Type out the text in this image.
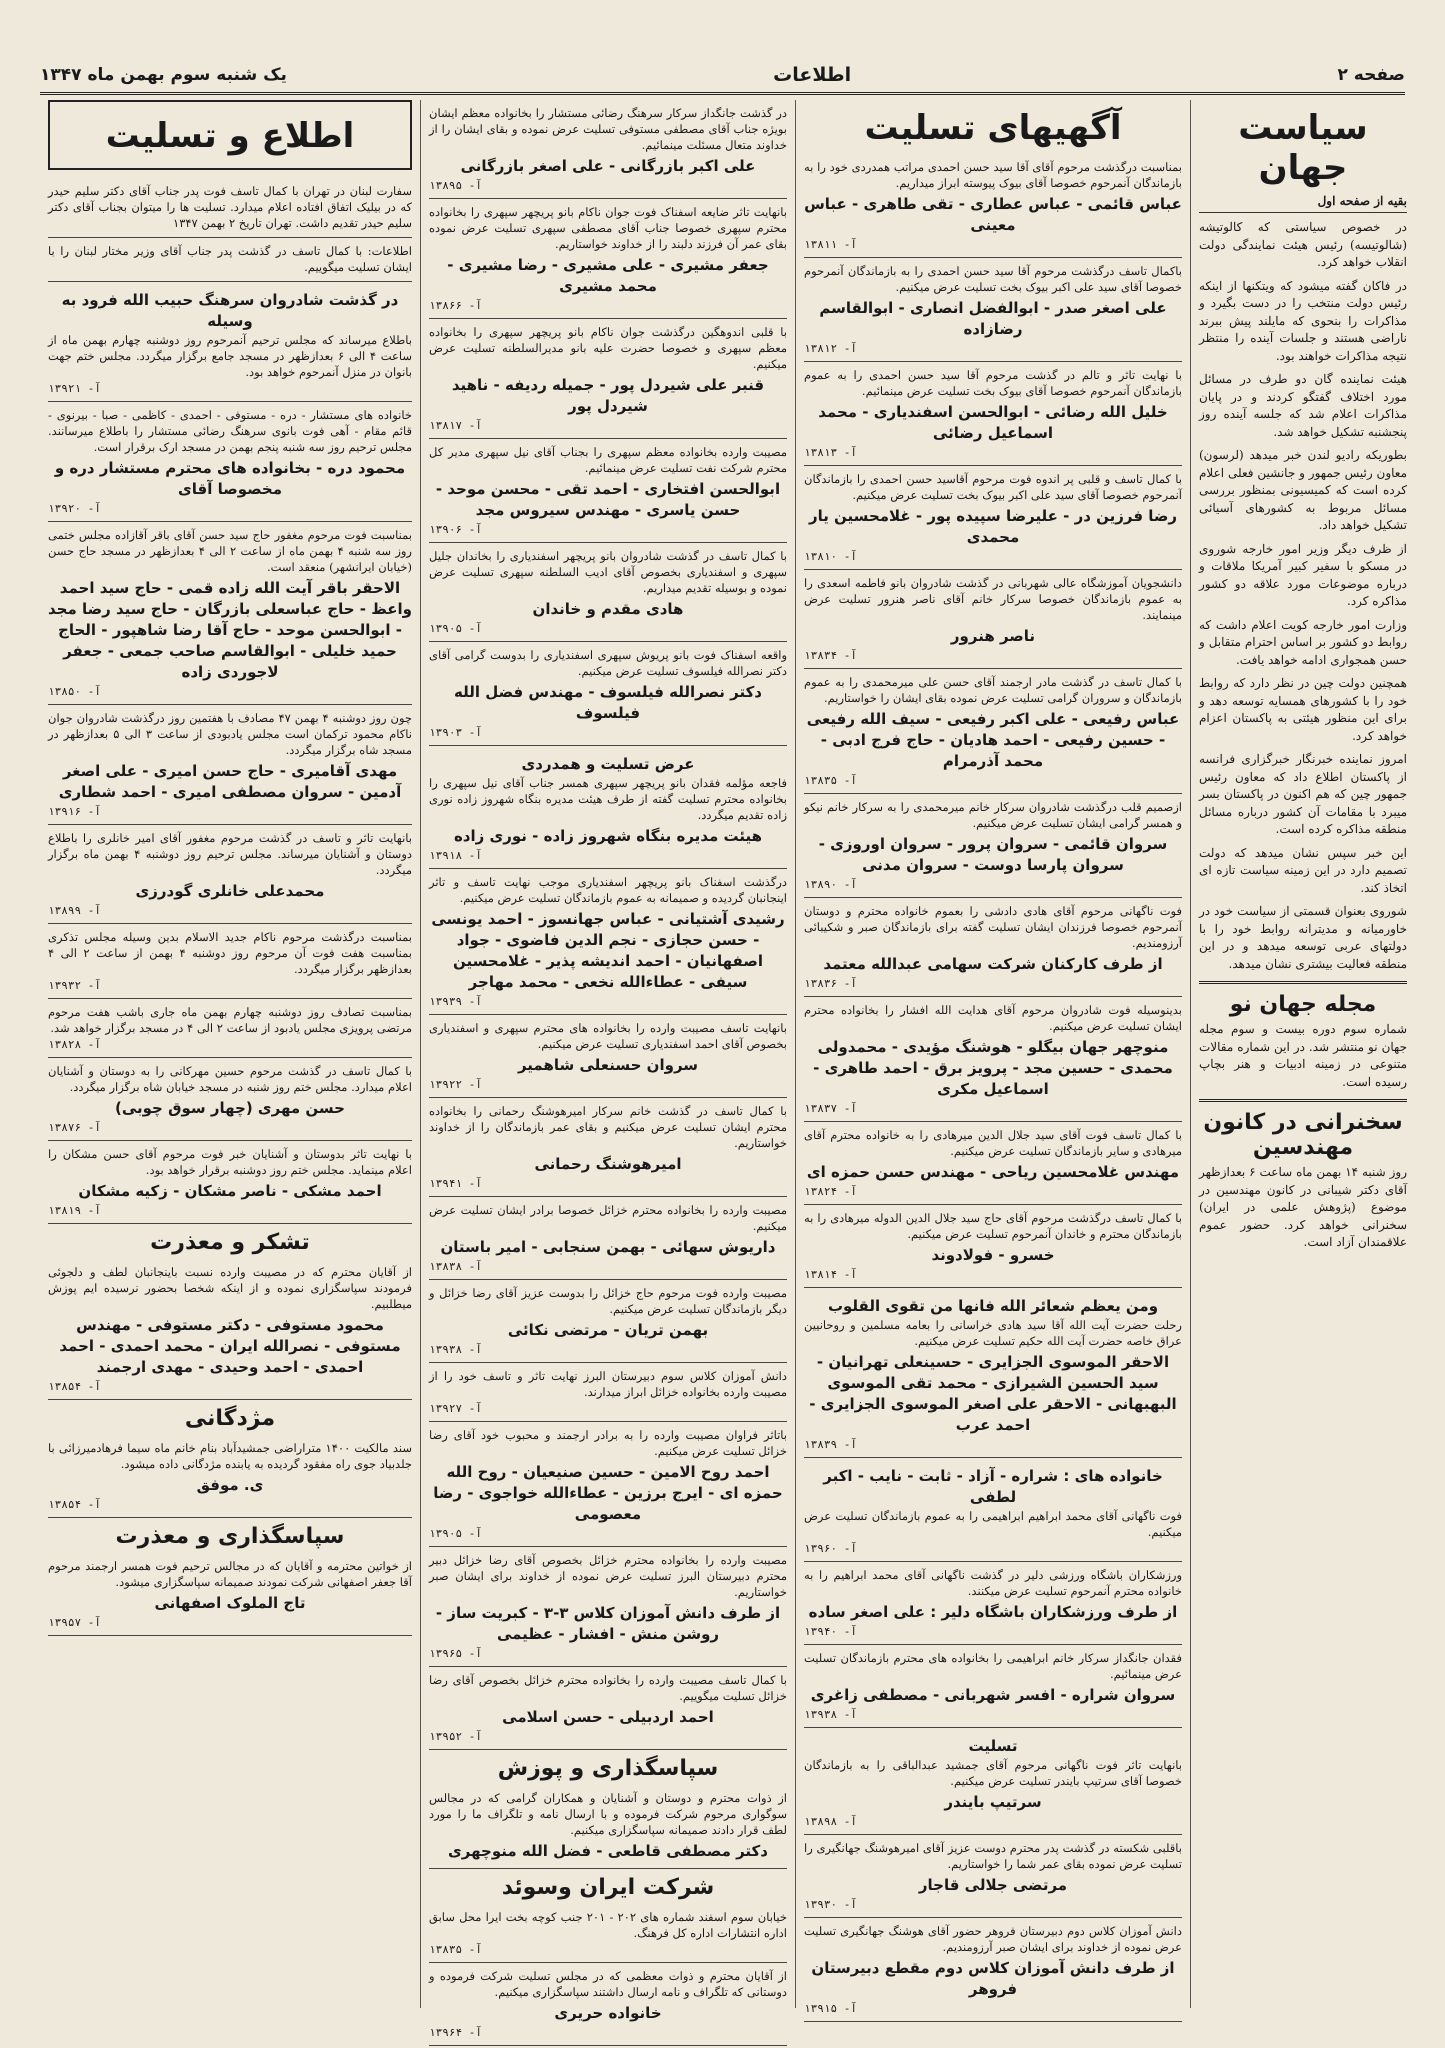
صفحه ۲
اطلاعات
یک شنبه سوم بهمن ماه ۱۳۴۷
سیاست جهان
بقیه از صفحه اول

در خصوص سیاستی که کالوتیشه (شالوتیسه) رئیس هیئت نمایندگی دولت انقلاب خواهد کرد.

در فاکان گفته میشود که ویتکنها از اینکه رئیس دولت منتخب را در دست بگیرد و مذاکرات را بنحوی که مایلند پیش ببرند ناراضی هستند و جلسات آینده را منتظر نتیجه مذاکرات خواهند بود.

هیئت نماینده گان دو طرف در مسائل مورد اختلاف گفتگو کردند و در پایان مذاکرات اعلام شد که جلسه آینده روز پنجشنبه تشکیل خواهد شد.

بطوریکه رادیو لندن خبر میدهد (لرسون) معاون رئیس جمهور و جانشین فعلی اعلام کرده است که کمیسیونی بمنظور بررسی مسائل مربوط به کشورهای آسیائی تشکیل خواهد داد.

از ظرف دیگر وزیر امور خارجه شوروی در مسکو با سفیر کبیر آمریکا ملاقات و درباره موضوعات مورد علاقه دو کشور مذاکره کرد.

وزارت امور خارجه کویت اعلام داشت که روابط دو کشور بر اساس احترام متقابل و حسن همجواری ادامه خواهد یافت.

همچنین دولت چین در نظر دارد که روابط خود را با کشورهای همسایه توسعه دهد و برای این منظور هیئتی به پاکستان اعزام خواهد کرد.

امروز نماینده خبرنگار خبرگزاری فرانسه از پاکستان اطلاع داد که معاون رئیس جمهور چین که هم اکنون در پاکستان بسر میبرد با مقامات آن کشور درباره مسائل منطقه مذاکره کرده است.

این خبر سپس نشان میدهد که دولت تصمیم دارد در این زمینه سیاست تازه ای اتخاذ کند.

شوروی بعنوان قسمتی از سیاست خود در خاورمیانه و مدیترانه روابط خود را با دولتهای عربی توسعه میدهد و در این منطقه فعالیت بیشتری نشان میدهد.

مجله جهان نو
شماره سوم دوره بیست و سوم مجله جهان نو منتشر شد. در این شماره مقالات متنوعی در زمینه ادبیات و هنر بچاپ رسیده است.
سخنرانی در کانون مهندسین
روز شنبه ۱۴ بهمن ماه ساعت ۶ بعدازظهر آقای دکتر شیبانی در کانون مهندسین در موضوع (پژوهش علمی در ایران) سخنرانی خواهد کرد. حضور عموم علاقمندان آزاد است.
آگهیهای تسلیت
بمناسبت درگذشت مرحوم آقای آقا سید حسن احمدی مراتب همدردی خود را به بازماندگان آنمرحوم خصوصا آقای بیوک پیوسته ابراز میداریم.
عباس قائمی - عباس عطاری - تقی طاهری - عباس معینی
۱۳۸۱۱ -آ
باکمال تاسف درگذشت مرحوم آقا سید حسن احمدی را به بازماندگان آنمرحوم خصوصا آقای سید علی اکبر بیوک بخت تسلیت عرض میکنیم.
علی اصغر صدر - ابوالفضل انصاری - ابوالقاسم رضازاده
۱۳۸۱۲ -آ
با نهایت تاثر و تالم در گذشت مرحوم آقا سید حسن احمدی را به عموم بازماندگان آنمرحوم خصوصا آقای بیوک بخت تسلیت عرض مینمائیم.
خلیل الله رضائی - ابوالحسن اسفندیاری - محمد اسماعیل رضائی
۱۳۸۱۳ -آ
با کمال تاسف و قلبی پر اندوه فوت مرحوم آقاسید حسن احمدی را بازماندگان آنمرحوم خصوصا آقای سید علی اکبر بیوک بخت تسلیت عرض میکنیم.
رضا فرزین در - علیرضا سپیده پور - غلامحسین یار محمدی
۱۳۸۱۰ -آ
دانشجویان آموزشگاه عالی شهربانی در گذشت شادروان بانو فاطمه اسعدی را به عموم بازماندگان خصوصا سرکار خانم آقای ناصر هنرور تسلیت عرض مینمایند.
ناصر هنرور
۱۳۸۳۴ -آ
با کمال تاسف در گذشت مادر ارجمند آقای حسن علی میرمحمدی را به عموم بازماندگان و سروران گرامی تسلیت عرض نموده بقای ایشان را خواستاریم.
عباس رفیعی - علی اکبر رفیعی - سیف الله رفیعی - حسین رفیعی - احمد هادیان - حاج فرج ادبی - محمد آذرمرام
۱۳۸۳۵ -آ
ازصمیم قلب درگذشت شادروان سرکار خانم میرمحمدی را به سرکار خانم نیکو و همسر گرامی ایشان تسلیت عرض میکنیم.
سروان قائمی - سروان پرور - سروان اوروزی - سروان پارسا دوست - سروان مدنی
۱۳۸۹۰ -آ
فوت ناگهانی مرحوم آقای هادی دادشی را بعموم خانواده محترم و دوستان آنمرحوم خصوصا فرزندان ایشان تسلیت گفته برای بازماندگان صبر و شکیبائی آرزومندیم.
از طرف کارکنان شرکت سهامی عبدالله معتمد
۱۳۸۳۶ -آ
بدینوسیله فوت شادروان مرحوم آقای هدایت الله افشار را بخانواده محترم ایشان تسلیت عرض میکنیم.
منوچهر جهان بیگلو - هوشنگ مؤیدی - محمدولی محمدی - حسین مجد - پرویز برق - احمد طاهری - اسماعیل مکری
۱۳۸۳۷ -آ
با کمال تاسف فوت آقای سید جلال الدین میرهادی را به خانواده محترم آقای میرهادی و سایر بازماندگان تسلیت عرض میکنیم.
مهندس غلامحسین ریاحی - مهندس حسن حمزه ای
۱۳۸۲۴ -آ
با کمال تاسف درگذشت مرحوم آقای حاج سید جلال الدین الدوله میرهادی را به بازماندگان محترم و خاندان آنمرحوم تسلیت عرض میکنیم.
خسرو - فولادوند
۱۳۸۱۴ -آ
ومن یعظم شعائر الله فانها من تقوی القلوب
رحلت حضرت آیت الله آقا سید هادی خراسانی را بعامه مسلمین و روحانیین عراق خاصه حضرت آیت الله حکیم تسلیت عرض میکنیم.
الاحقر الموسوی الجزایری - حسینعلی تهرانیان - سید الحسین الشیرازی - محمد تقی الموسوی البهبهانی - الاحقر علی اصغر الموسوی الجزایری - احمد عرب
۱۳۸۳۹ -آ
خانواده های : شراره - آزاد - ثابت - نایب - اکبر لطفی
فوت ناگهانی آقای محمد ابراهیم ابراهیمی را به عموم بازماندگان تسلیت عرض میکنیم.
۱۳۹۶۰ -آ
ورزشکاران باشگاه ورزشی دلیر در گذشت ناگهانی آقای محمد ابراهیم را به خانواده محترم آنمرحوم تسلیت عرض میکنند.
از طرف ورزشکاران باشگاه دلیر : علی اصغر ساده
۱۳۹۴۰ -آ
فقدان جانگداز سرکار خانم ابراهیمی را بخانواده های محترم بازماندگان تسلیت عرض مینمائیم.
سروان شراره - افسر شهربانی - مصطفی زاغری
۱۳۹۳۸ -آ
تسلیت
بانهایت تاثر فوت ناگهانی مرحوم آقای جمشید عبدالباقی را به بازماندگان خصوصا آقای سرتیپ بایندر تسلیت عرض میکنیم.
سرتیپ بایندر
۱۳۸۹۸ -آ
باقلبی شکسته در گذشت پدر محترم دوست عزیز آقای امیرهوشنگ جهانگیری را تسلیت عرض نموده بقای عمر شما را خواستاریم.
مرتضی جلالی قاجار
۱۳۹۳۰ -آ
دانش آموزان کلاس دوم دبیرستان فروهر حضور آقای هوشنگ جهانگیری تسلیت عرض نموده از خداوند برای ایشان صبر آرزومندیم.
از طرف دانش آموزان کلاس دوم مقطع دبیرستان فروهر
۱۳۹۱۵ -آ
در گذشت جانگداز سرکار سرهنگ رضائی مستشار را بخانواده معظم ایشان بویژه جناب آقای مصطفی مستوفی تسلیت عرض نموده و بقای ایشان را از خداوند متعال مسئلت مینمائیم.
علی اکبر بازرگانی - علی اصغر بازرگانی
۱۳۸۹۵ -آ
بانهایت تاثر ضایعه اسفناک فوت جوان ناکام بانو پریچهر سپهری را بخانواده محترم سپهری خصوصا جناب آقای مصطفی سپهری تسلیت عرض نموده بقای عمر آن فرزند دلبند را از خداوند خواستاریم.
جعفر مشیری - علی مشیری - رضا مشیری - محمد مشیری
۱۳۸۶۶ -آ
با قلبی اندوهگین درگذشت جوان ناکام بانو پریچهر سپهری را بخانواده معظم سپهری و خصوصا حضرت علیه بانو مدیرالسلطنه تسلیت عرض میکنیم.
قنبر علی شیردل پور - جمیله ردیفه - ناهید شیردل پور
۱۳۸۱۷ -آ
مصیبت وارده بخانواده معظم سپهری را بجناب آقای نیل سپهری مدیر کل محترم شرکت نفت تسلیت عرض مینمائیم.
ابوالحسن افتخاری - احمد تقی - محسن موحد - حسن یاسری - مهندس سیروس مجد
۱۳۹۰۶ -آ
با کمال تاسف در گذشت شادروان بانو پریچهر اسفندیاری را بخاندان جلیل سپهری و اسفندیاری بخصوص آقای ادیب السلطنه سپهری تسلیت عرض نموده و بوسیله تقدیم میداریم.
هادی مقدم و خاندان
۱۳۹۰۵ -آ
واقعه اسفناک فوت بانو پریوش سپهری اسفندیاری را بدوست گرامی آقای دکتر نصرالله فیلسوف تسلیت عرض میکنیم.
دکتر نصرالله فیلسوف - مهندس فضل الله فیلسوف
۱۳۹۰۳ -آ
عرض تسلیت و همدردی
فاجعه مؤلمه فقدان بانو پریچهر سپهری همسر جناب آقای نیل سپهری را بخانواده محترم تسلیت گفته از طرف هیئت مدیره بنگاه شهروز زاده نوری زاده تقدیم میگردد.
هیئت مدیره بنگاه شهروز زاده - نوری زاده
۱۳۹۱۸ -آ
درگذشت اسفناک بانو پریچهر اسفندیاری موجب نهایت تاسف و تاثر اینجانبان گردیده و صمیمانه به عموم بازماندگان تسلیت عرض میکنیم.
رشیدی آشتیانی - عباس جهانسوز - احمد یونسی - حسن حجازی - نجم الدین فاضوی - جواد اصفهانیان - احمد اندیشه پذیر - غلامحسین سیفی - عطاءالله نخعی - محمد مهاجر
۱۳۹۳۹ -آ
بانهایت تاسف مصیبت وارده را بخانواده های محترم سپهری و اسفندیاری بخصوص آقای احمد اسفندیاری تسلیت عرض میکنیم.
سروان حسنعلی شاهمیر
۱۳۹۲۲ -آ
با کمال تاسف در گذشت خانم سرکار امیرهوشنگ رحمانی را بخانواده محترم ایشان تسلیت عرض میکنیم و بقای عمر بازماندگان را از خداوند خواستاریم.
امیرهوشنگ رحمانی
۱۳۹۴۱ -آ
مصیبت وارده را بخانواده محترم خزائل خصوصا برادر ایشان تسلیت عرض میکنیم.
داریوش سهائی - بهمن سنجابی - امیر باستان
۱۳۸۳۸ -آ
مصیبت وارده فوت مرحوم حاج خزائل را بدوست عزیز آقای رضا خزائل و دیگر بازماندگان تسلیت عرض میکنیم.
بهمن تریان - مرتضی نکائی
۱۳۹۳۸ -آ
دانش آموزان کلاس سوم دبیرستان البرز نهایت تاثر و تاسف خود را از مصیبت وارده بخانواده خزائل ابراز میدارند.
۱۳۹۲۷ -آ
باتاثر فراوان مصیبت وارده را به برادر ارجمند و محبوب خود آقای رضا خزائل تسلیت عرض میکنیم.
احمد روح الامین - حسین صنیعیان - روح الله حمزه ای - ایرج برزین - عطاءالله خواجوی - رضا معصومی
۱۳۹۰۵ -آ
مصیبت وارده را بخانواده محترم خزائل بخصوص آقای رضا خزائل دبیر محترم دبیرستان البرز تسلیت عرض نموده از خداوند برای ایشان صبر خواستاریم.
از طرف دانش آموزان کلاس ۳-۳ - کبریت ساز - روشن منش - افشار - عظیمی
۱۳۹۶۵ -آ
با کمال تاسف مصیبت وارده را بخانواده محترم خزائل بخصوص آقای رضا خزائل تسلیت میگوییم.
احمد اردبیلی - حسن اسلامی
۱۳۹۵۲ -آ
سپاسگذاری و پوزش
از ذوات محترم و دوستان و آشنایان و همکاران گرامی که در مجالس سوگواری مرحوم شرکت فرموده و با ارسال نامه و تلگراف ما را مورد لطف قرار دادند صمیمانه سپاسگزاری میکنیم.
دکتر مصطفی قاطعی - فضل الله منوچهری
شرکت ایران وسوئد
خیابان سوم اسفند شماره های ۲۰۲ - ۲۰۱ جنب کوچه بخت ایرا محل سابق اداره انتشارات اداره کل فرهنگ.
۱۳۸۳۵ -آ
از آقایان محترم و ذوات معظمی که در مجلس تسلیت شرکت فرموده و دوستانی که تلگراف و نامه ارسال داشتند سپاسگزاری میکنیم.
خانواده حریری
۱۳۹۶۴ -آ
اطلاع و تسلیت
سفارت لبنان در تهران با کمال تاسف فوت پدر جناب آقای دکتر سلیم حیدر که در بیلیک اتفاق افتاده اعلام میدارد. تسلیت ها را میتوان بجناب آقای دکتر سلیم حیدر تقدیم داشت. تهران تاریخ ۲ بهمن ۱۳۴۷
اطلاعات: با کمال تاسف در گذشت پدر جناب آقای وزیر مختار لبنان را با ایشان تسلیت میگوییم.
در گذشت شادروان سرهنگ حبیب الله فرود به وسیله
باطلاع میرساند که مجلس ترحیم آنمرحوم روز دوشنبه چهارم بهمن ماه از ساعت ۴ الی ۶ بعدازظهر در مسجد جامع برگزار میگردد. مجلس ختم جهت بانوان در منزل آنمرحوم خواهد بود.
۱۳۹۲۱ -آ
خانواده های مستشار - دره - مستوفی - احمدی - کاظمی - صبا - بیرنوی - قائم مقام - آهی فوت بانوی سرهنگ رضائی مستشار را باطلاع میرسانند. مجلس ترحیم روز سه شنبه پنجم بهمن در مسجد ارک برقرار است.
محمود دره - بخانواده های محترم مستشار دره و مخصوصا آقای
۱۳۹۲۰ -آ
بمناسبت فوت مرحوم مغفور حاج سید حسن آقای باقر آقازاده مجلس ختمی روز سه شنبه ۴ بهمن ماه از ساعت ۲ الی ۴ بعدازظهر در مسجد حاج حسن (خیابان ایرانشهر) منعقد است.
الاحقر باقر آیت الله زاده قمی - حاج سید احمد واعظ - حاج عباسعلی بازرگان - حاج سید رضا مجد - ابوالحسن موحد - حاج آقا رضا شاهپور - الحاج حمید خلیلی - ابوالقاسم صاحب جمعی - جعفر لاجوردی زاده
۱۳۸۵۰ -آ
چون روز دوشنبه ۴ بهمن ۴۷ مصادف با هفتمین روز درگذشت شادروان جوان ناکام محمود ترکمان است مجلس یادبودی از ساعت ۳ الی ۵ بعدازظهر در مسجد شاه برگزار میگردد.
مهدی آقامیری - حاج حسن امیری - علی اصغر آدمین - سروان مصطفی امیری - احمد شطاری
۱۳۹۱۶ -آ
بانهایت تاثر و تاسف در گذشت مرحوم مغفور آقای امیر خانلری را باطلاع دوستان و آشنایان میرساند. مجلس ترحیم روز دوشنبه ۴ بهمن ماه برگزار میگردد.
محمدعلی خانلری گودرزی
۱۳۸۹۹ -آ
بمناسبت درگذشت مرحوم ناکام جدید الاسلام بدین وسیله مجلس تذکری بمناسبت هفت فوت آن مرحوم روز دوشنبه ۴ بهمن از ساعت ۲ الی ۴ بعدازظهر برگزار میگردد.
۱۳۹۳۲ -آ
بمناسبت تصادف روز دوشنبه چهارم بهمن ماه جاری باشب هفت مرحوم مرتضی پرویزی مجلس یادبود از ساعت ۲ الی ۴ در مسجد برگزار خواهد شد.
۱۳۸۲۸ -آ
با کمال تاسف در گذشت مرحوم حسین مهرکانی را به دوستان و آشنایان اعلام میدارد. مجلس ختم روز شنبه در مسجد خیابان شاه برگزار میگردد.
حسن مهری (چهار سوق چوبی)
۱۳۸۷۶ -آ
با نهایت تاثر بدوستان و آشنایان خبر فوت مرحوم آقای حسن مشکان را اعلام مینماید. مجلس ختم روز دوشنبه برقرار خواهد بود.
احمد مشکی - ناصر مشکان - زکیه مشکان
۱۳۸۱۹ -آ
تشکر و معذرت
از آقایان محترم که در مصیبت وارده نسبت باینجانبان لطف و دلجوئی فرمودند سپاسگزاری نموده و از اینکه شخصا بحضور نرسیده ایم پوزش میطلبیم.
محمود مستوفی - دکتر مستوفی - مهندس مستوفی - نصرالله ایران - محمد احمدی - احمد احمدی - احمد وحیدی - مهدی ارجمند
۱۳۸۵۴ -آ
مژدگانی
سند مالکیت ۱۴۰۰ متراراضی جمشیدآباد بنام خانم ماه سیما فرهادمیرزائی با جلدبیاد جوی راه مفقود گردیده به یابنده مژدگانی داده میشود.
ی. موفق
۱۳۸۵۴ -آ
سپاسگذاری و معذرت
از خواتین محترمه و آقایان که در مجالس ترحیم فوت همسر ارجمند مرحوم آقا جعفر اصفهانی شرکت نمودند صمیمانه سپاسگزاری میشود.
تاج الملوک اصفهانی
۱۳۹۵۷ -آ
